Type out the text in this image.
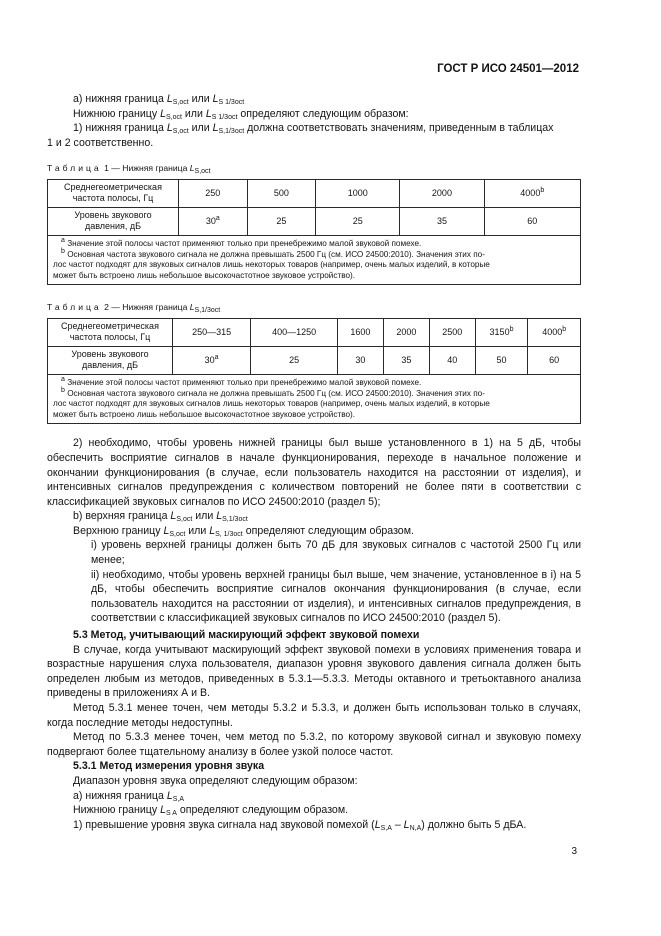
ГОСТ Р ИСО 24501—2012
а) нижняя граница $L_{S,oct}$ или $L_{S 1/3oct}$
Нижнюю границу $L_{S,oct}$ или $L_{S 1/3oct}$ определяют следующим образом:
1) нижняя граница $L_{S,oct}$ или $L_{S,1/3oct}$ должна соответствовать значениям, приведенным в таблицах
1 и 2 соответственно.
Таблица 1 — Нижняя граница $L_{S,oct}$
Среднегеометрическая
частота полосы, Гц	250	500	1000	2000	4000$^b$
Уровень звукового
давления, дБ	30$^a$	25	25	35	60

$^a$ Значение этой полосы частот применяют только при пренебрежимо малой звуковой помехе.
$^b$ Основная частота звукового сигнала не должна превышать 2500 Гц (см. ИСО 24500:2010). Значения этих по-
лос частот подходят для звуковых сигналов лишь некоторых товаров (например, очень малых изделий, в которые
может быть встроено лишь небольшое высокочастотное звуковое устройство).					
Таблица 2 — Нижняя граница $L_{S,1/3oct}$
Среднегеометрическая
частота полосы, Гц	250—315	400—1250	1600	2000	2500	3150$^b$	4000$^b$
Уровень звукового
давления, дБ	30$^a$	25	30	35	40	50	60

$^a$ Значение этой полосы частот применяют только при пренебрежимо малой звуковой помехе.
$^b$ Основная частота звукового сигнала не должна превышать 2500 Гц (см. ИСО 24500:2010). Значения этих по-
лос частот подходят для звуковых сигналов лишь некоторых товаров (например, очень малых изделий, в которые
может быть встроено лишь небольшое высокочастотное звуковое устройство).							
2) необходимо, чтобы уровень нижней границы был выше установленного в 1) на 5 дБ, чтобы обеспечить восприятие сигналов в начале функционирования, переходе в начальное положение и окончании функционирования (в случае, если пользователь находится на расстоянии от изделия), и интенсивных сигналов предупреждения с количеством повторений не более пяти в соответствии с классификацией звуковых сигналов по ИСО 24500:2010 (раздел 5);
b) верхняя граница $L_{S,oct}$ или $L_{S,1/3oct}$
Верхнюю границу $L_{S,oct}$ или $L_{S, 1/3oct}$ определяют следующим образом.
i) уровень верхней границы должен быть 70 дБ для звуковых сигналов с частотой 2500 Гц или менее;
ii) необходимо, чтобы уровень верхней границы был выше, чем значение, установленное в i) на 5 дБ, чтобы обеспечить восприятие сигналов окончания функционирования (в случае, если пользователь находится на расстоянии от изделия), и интенсивных сигналов предупреждения, в соответствии с классификацией звуковых сигналов по ИСО 24500:2010 (раздел 5).
5.3 Метод, учитывающий маскирующий эффект звуковой помехи
В случае, когда учитывают маскирующий эффект звуковой помехи в условиях применения товара и возрастные нарушения слуха пользователя, диапазон уровня звукового давления сигнала должен быть определен любым из методов, приведенных в 5.3.1—5.3.3. Методы октавного и третьоктавного анализа приведены в приложениях А и В.
Метод 5.3.1 менее точен, чем методы 5.3.2 и 5.3.3, и должен быть использован только в случаях, когда последние методы недоступны.
Метод по 5.3.3 менее точен, чем метод по 5.3.2, по которому звуковой сигнал и звуковую помеху подвергают более тщательному анализу в более узкой полосе частот.
5.3.1 Метод измерения уровня звука
Диапазон уровня звука определяют следующим образом:
а) нижняя граница $L_{S,A}$
Нижнюю границу $L_{S A}$ определяют следующим образом.
1) превышение уровня звука сигнала над звуковой помехой $(L_{S,A} - L_{N,A})$ должно быть 5 дБА.
3
